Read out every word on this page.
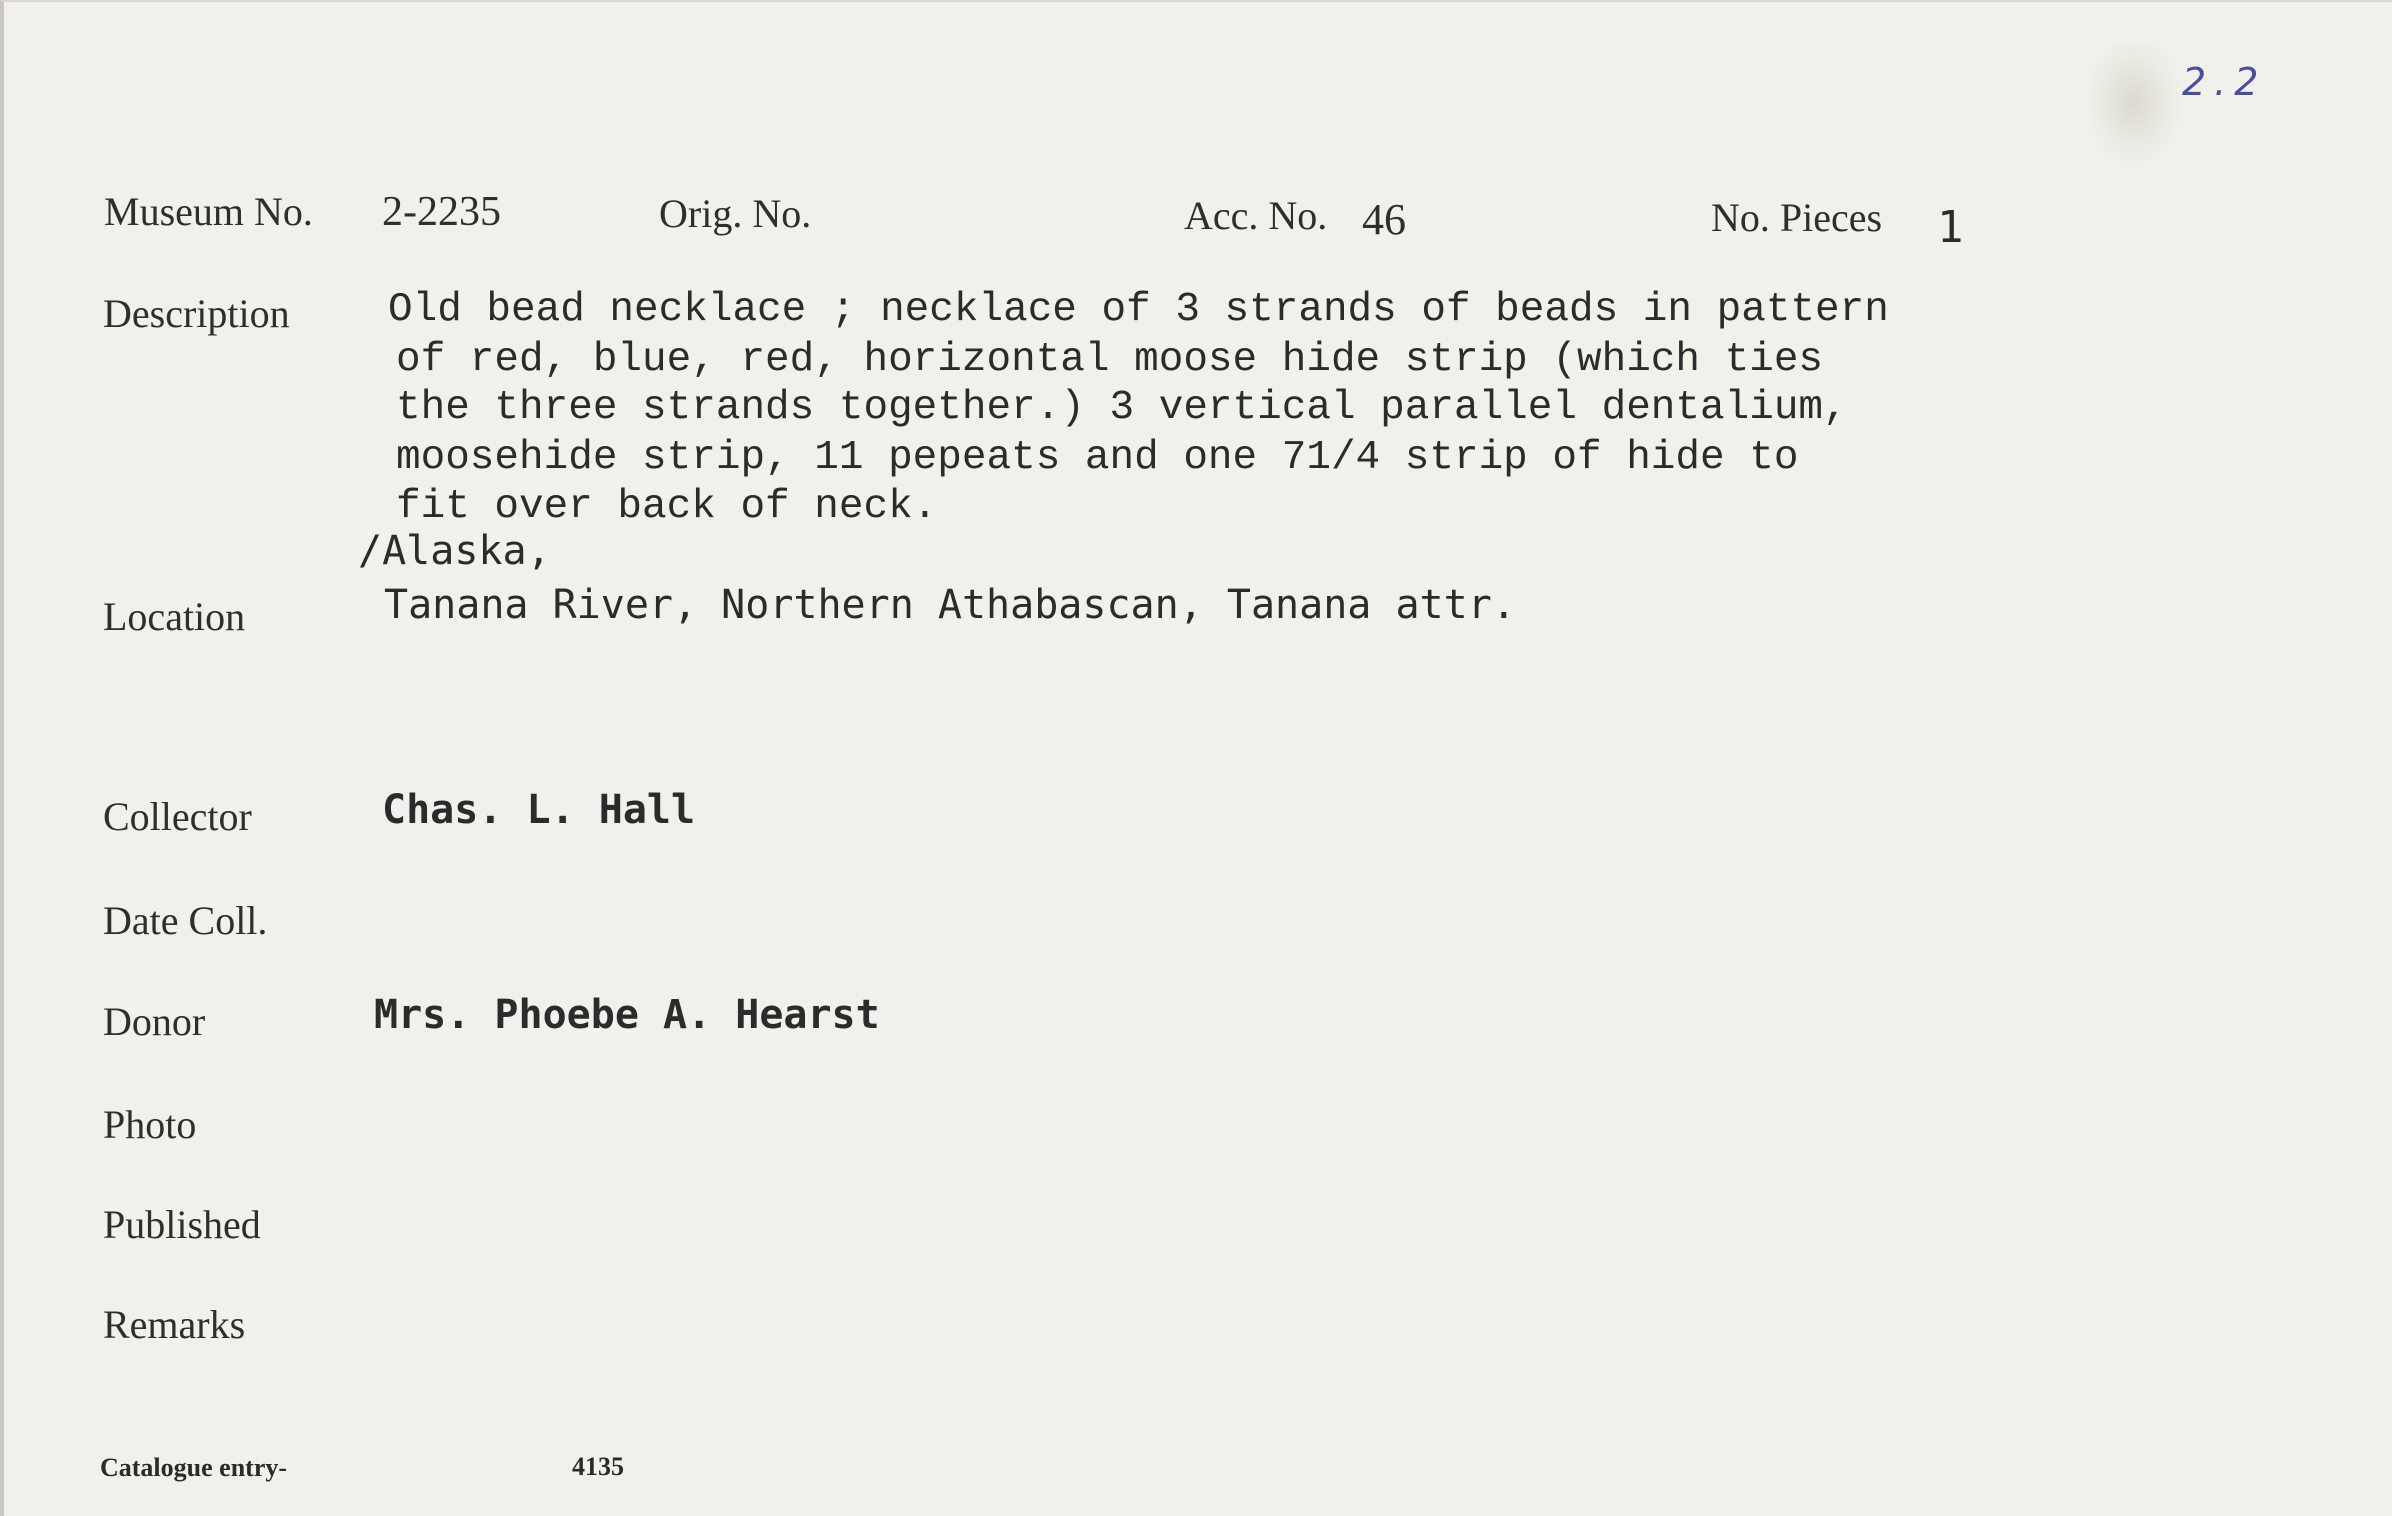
2.2
Museum No. 2-2235	Orig. No.	Acc. No. 46	No. Pieces 1
Description Old bead necklace ; necklace of 3 strands of beads in pattern
of red, blue, red, horizontal moose hide strip (which ties
the three strands together.) 3 vertical parallel dentalium,
moosehide strip, 11 pepeats and one 71/4 strip of hide to
fit over back of neck.
/Alaska,
Location	Tanana River, Northern Athabascan, Tanana attr.
Collector	Chas. L. Hall
Date Coll.
Donor	Mrs. Phoebe A. Hearst
Photo
Published
Remarks
Catalogue entry-	4135
